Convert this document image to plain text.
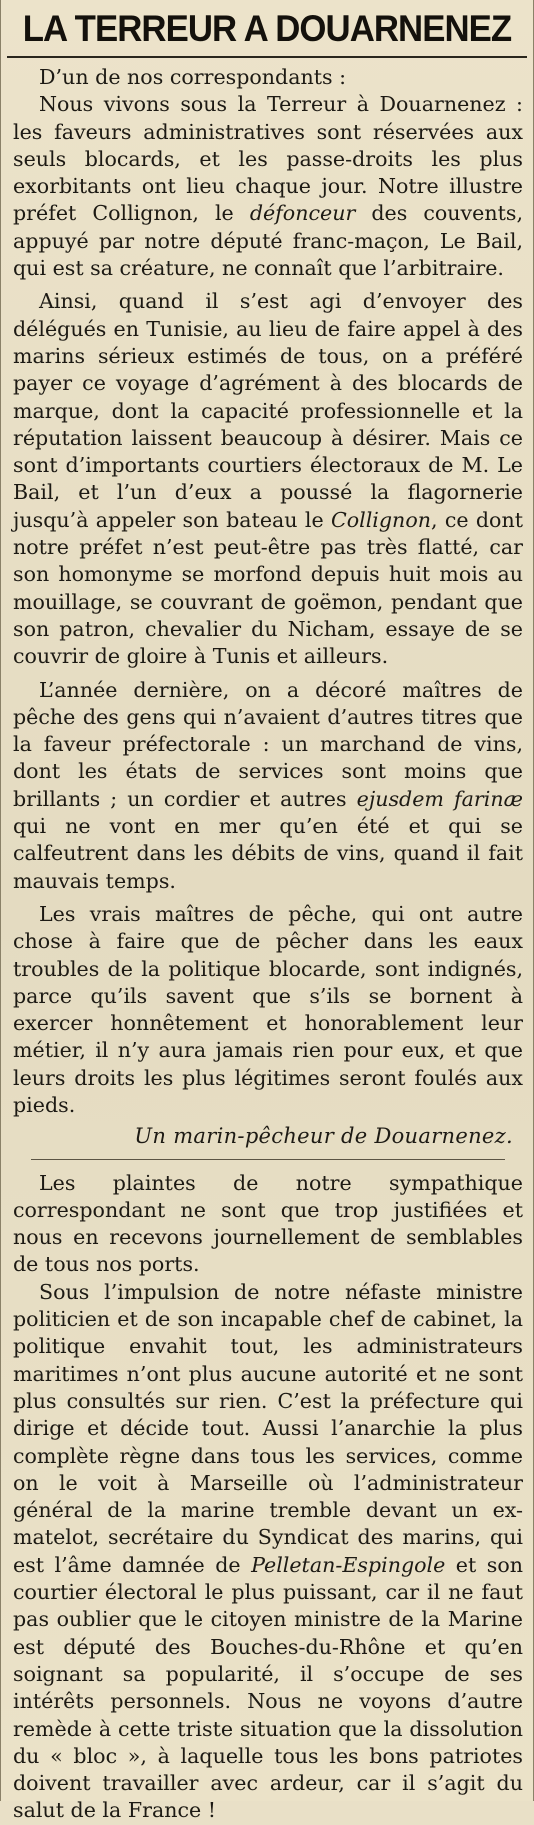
LA TERREUR A DOUARNENEZ

D’un de nos correspondants :

Nous vivons sous la Terreur à Douarnenez : les faveurs administratives sont réservées aux seuls blocards, et les passe-droits les plus exorbitants ont lieu chaque jour. Notre illustre préfet Collignon, le défonceur des couvents, appuyé par notre député franc-maçon, Le Bail, qui est sa créature, ne connaît que l’arbitraire.

Ainsi, quand il s’est agi d’envoyer des délégués en Tunisie, au lieu de faire appel à des marins sérieux estimés de tous, on a préféré payer ce voyage d’agrément à des blocards de marque, dont la capacité professionnelle et la réputation laissent beaucoup à désirer. Mais ce sont d’importants courtiers électoraux de M. Le Bail, et l’un d’eux a poussé la flagornerie jusqu’à appeler son bateau le Collignon, ce dont notre préfet n’est peut-être pas très flatté, car son homonyme se morfond depuis huit mois au mouillage, se couvrant de goëmon, pendant que son patron, chevalier du Nicham, essaye de se couvrir de gloire à Tunis et ailleurs.

L’année dernière, on a décoré maîtres de pêche des gens qui n’avaient d’autres titres que la faveur préfectorale : un marchand de vins, dont les états de services sont moins que brillants ; un cordier et autres ejusdem farinæ qui ne vont en mer qu’en été et qui se calfeutrent dans les débits de vins, quand il fait mauvais temps.

Les vrais maîtres de pêche, qui ont autre chose à faire que de pêcher dans les eaux troubles de la politique blocarde, sont indignés, parce qu’ils savent que s’ils se bornent à exercer honnêtement et honorablement leur métier, il n’y aura jamais rien pour eux, et que leurs droits les plus légitimes seront foulés aux pieds.

Un marin-pêcheur de Douarnenez.

Les plaintes de notre sympathique correspondant ne sont que trop justifiées et nous en recevons journellement de semblables de tous nos ports.

Sous l’impulsion de notre néfaste ministre politicien et de son incapable chef de cabinet, la politique envahit tout, les administrateurs maritimes n’ont plus aucune autorité et ne sont plus consultés sur rien. C’est la préfecture qui dirige et décide tout. Aussi l’anarchie la plus complète règne dans tous les services, comme on le voit à Marseille où l’administrateur général de la marine tremble devant un ex-matelot, secrétaire du Syndicat des marins, qui est l’âme damnée de Pelletan-Espingole et son courtier électoral le plus puissant, car il ne faut pas oublier que le citoyen ministre de la Marine est député des Bouches-du-Rhône et qu’en soignant sa popularité, il s’occupe de ses intérêts personnels. Nous ne voyons d’autre remède à cette triste situation que la dissolution du « bloc », à laquelle tous les bons patriotes doivent travailler avec ardeur, car il s’agit du salut de la France !
